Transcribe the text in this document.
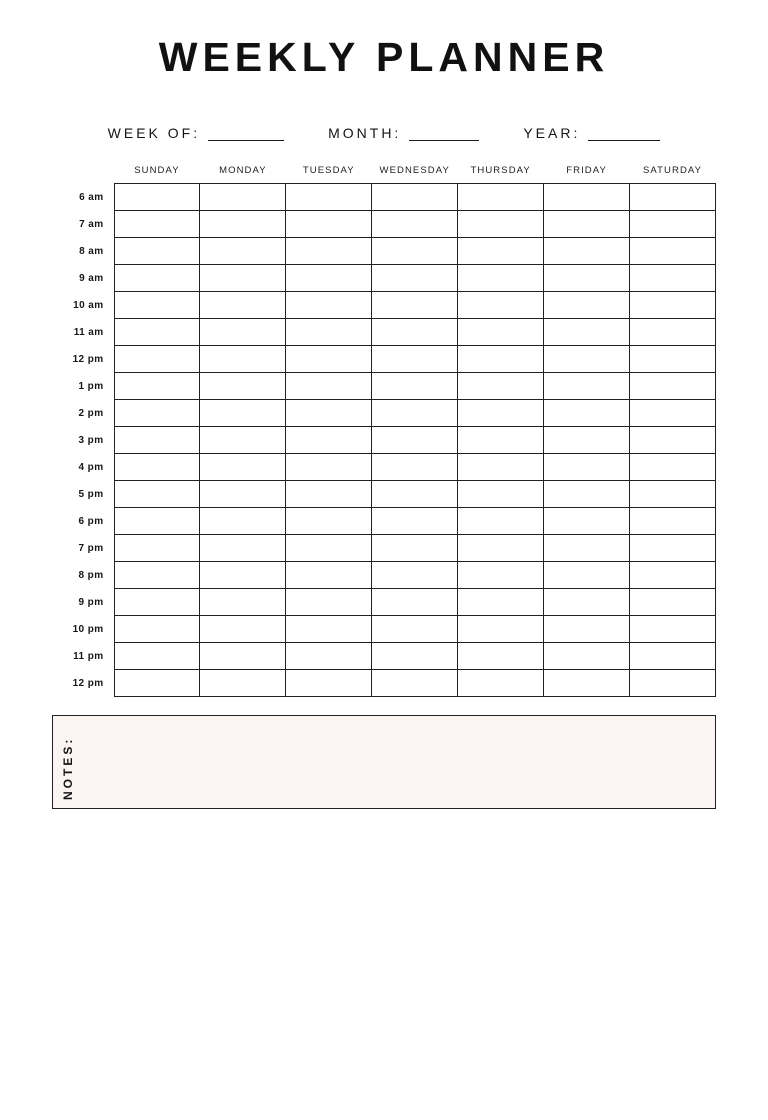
WEEKLY PLANNER
WEEK OF:	MONTH:	YEAR:
	SUNDAY	MONDAY	TUESDAY	WEDNESDAY	THURSDAY	FRIDAY	SATURDAY
6 am							
7 am							
8 am							
9 am							
10 am							
11 am							
12 pm							
1 pm							
2 pm							
3 pm							
4 pm							
5 pm							
6 pm							
7 pm							
8 pm							
9 pm							
10 pm							
11 pm							
12 pm							
NOTES:
